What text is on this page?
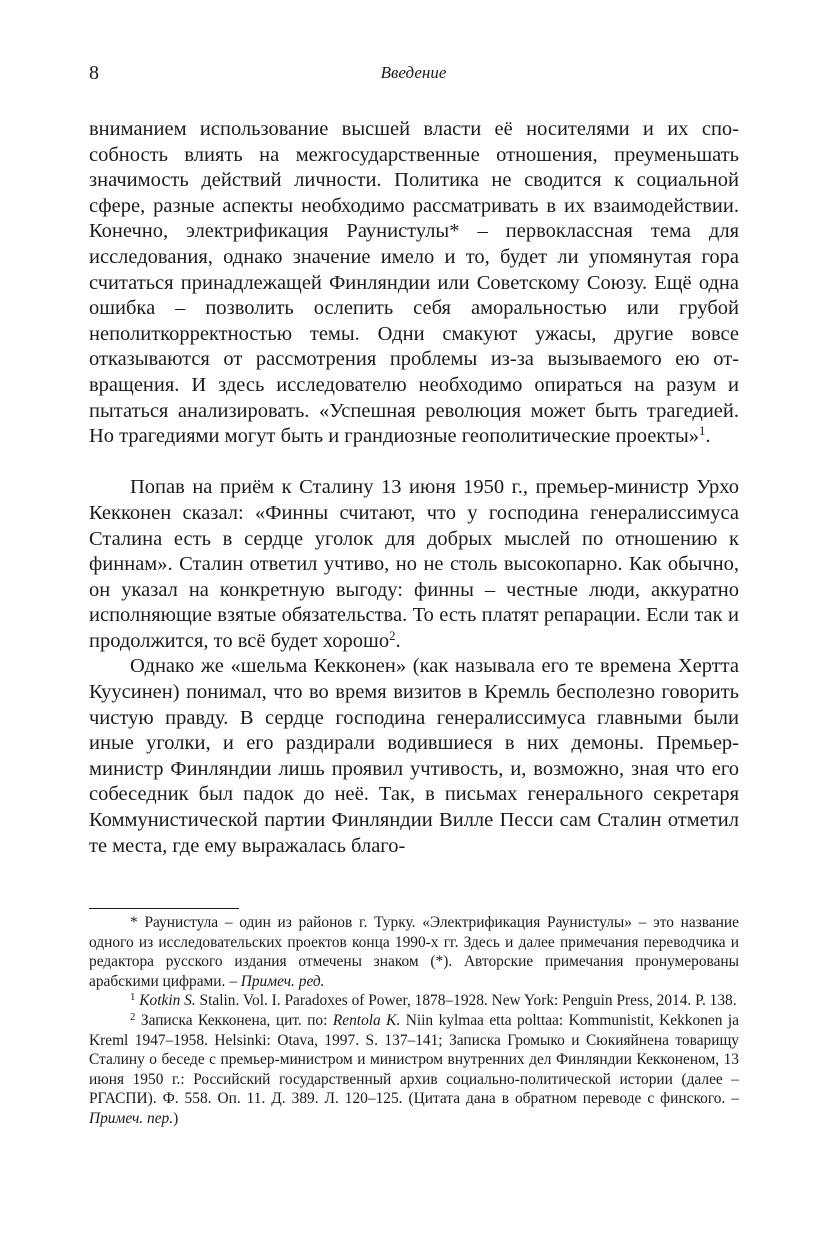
8	Введение

вниманием использование высшей власти её носителями и их способность влиять на межгосударственные отношения, преуменьшать значимость действий личности. Политика не сводится к социальной сфере, разные аспекты необходимо рассматривать в их взаимодействии. Конечно, электрификация Раунистулы* – первоклассная тема для исследования, однако значение имело и то, будет ли упомянутая гора считаться принадлежащей Финляндии или Советскому Союзу. Ещё одна ошибка – позволить ослепить себя аморальностью или грубой неполиткорректностью темы. Одни смакуют ужасы, другие вовсе отказываются от рассмотрения проблемы из-за вызываемого ею отвращения. И здесь исследователю необходимо опираться на разум и пытаться анализировать. «Успешная революция может быть трагедией. Но трагедиями могут быть и грандиозные геополитические проекты»$^1$.

Попав на приём к Сталину 13 июня 1950 г., премьер-министр Урхо Кекконен сказал: «Финны считают, что у господина генералиссимуса Сталина есть в сердце уголок для добрых мыслей по отношению к финнам». Сталин ответил учтиво, но не столь высокопарно. Как обычно, он указал на конкретную выгоду: финны – честные люди, аккуратно исполняющие взятые обязательства. То есть платят репарации. Если так и продолжится, то всё будет хорошо$^2$.

Однако же «шельма Кекконен» (как называла его те времена Хертта Куусинен) понимал, что во время визитов в Кремль бесполезно говорить чистую правду. В сердце господина генералиссимуса главными были иные уголки, и его раздирали водившиеся в них демоны. Премьер-министр Финляндии лишь проявил учтивость, и, возможно, зная что его собеседник был падок до неё. Так, в письмах генерального секретаря Коммунистической партии Финляндии Вилле Песси сам Сталин отметил те места, где ему выражалась благо-

* Раунистула – один из районов г. Турку. «Электрификация Раунистулы» – это название одного из исследовательских проектов конца 1990-х гг. Здесь и далее примечания переводчика и редактора русского издания отмечены знаком (*). Авторские примечания пронумерованы арабскими цифрами. – Примеч. ред.

$^1$ Kotkin S. Stalin. Vol. I. Paradoxes of Power, 1878–1928. New York: Penguin Press, 2014. P. 138.

$^2$ Записка Кекконена, цит. по: Rentola K. Niin kylmaa etta polttaa: Kommunistit, Kekkonen ja Kreml 1947–1958. Helsinki: Otava, 1997. S. 137–141; Записка Громыко и Сюкияйнена товарищу Сталину о беседе с премьер-министром и министром внутренних дел Финляндии Кекконеном, 13 июня 1950 г.: Российский государственный архив социально-политической истории (далее – РГАСПИ). Ф. 558. Оп. 11. Д. 389. Л. 120–125. (Цитата дана в обратном переводе с финского. – Примеч. пер.)
